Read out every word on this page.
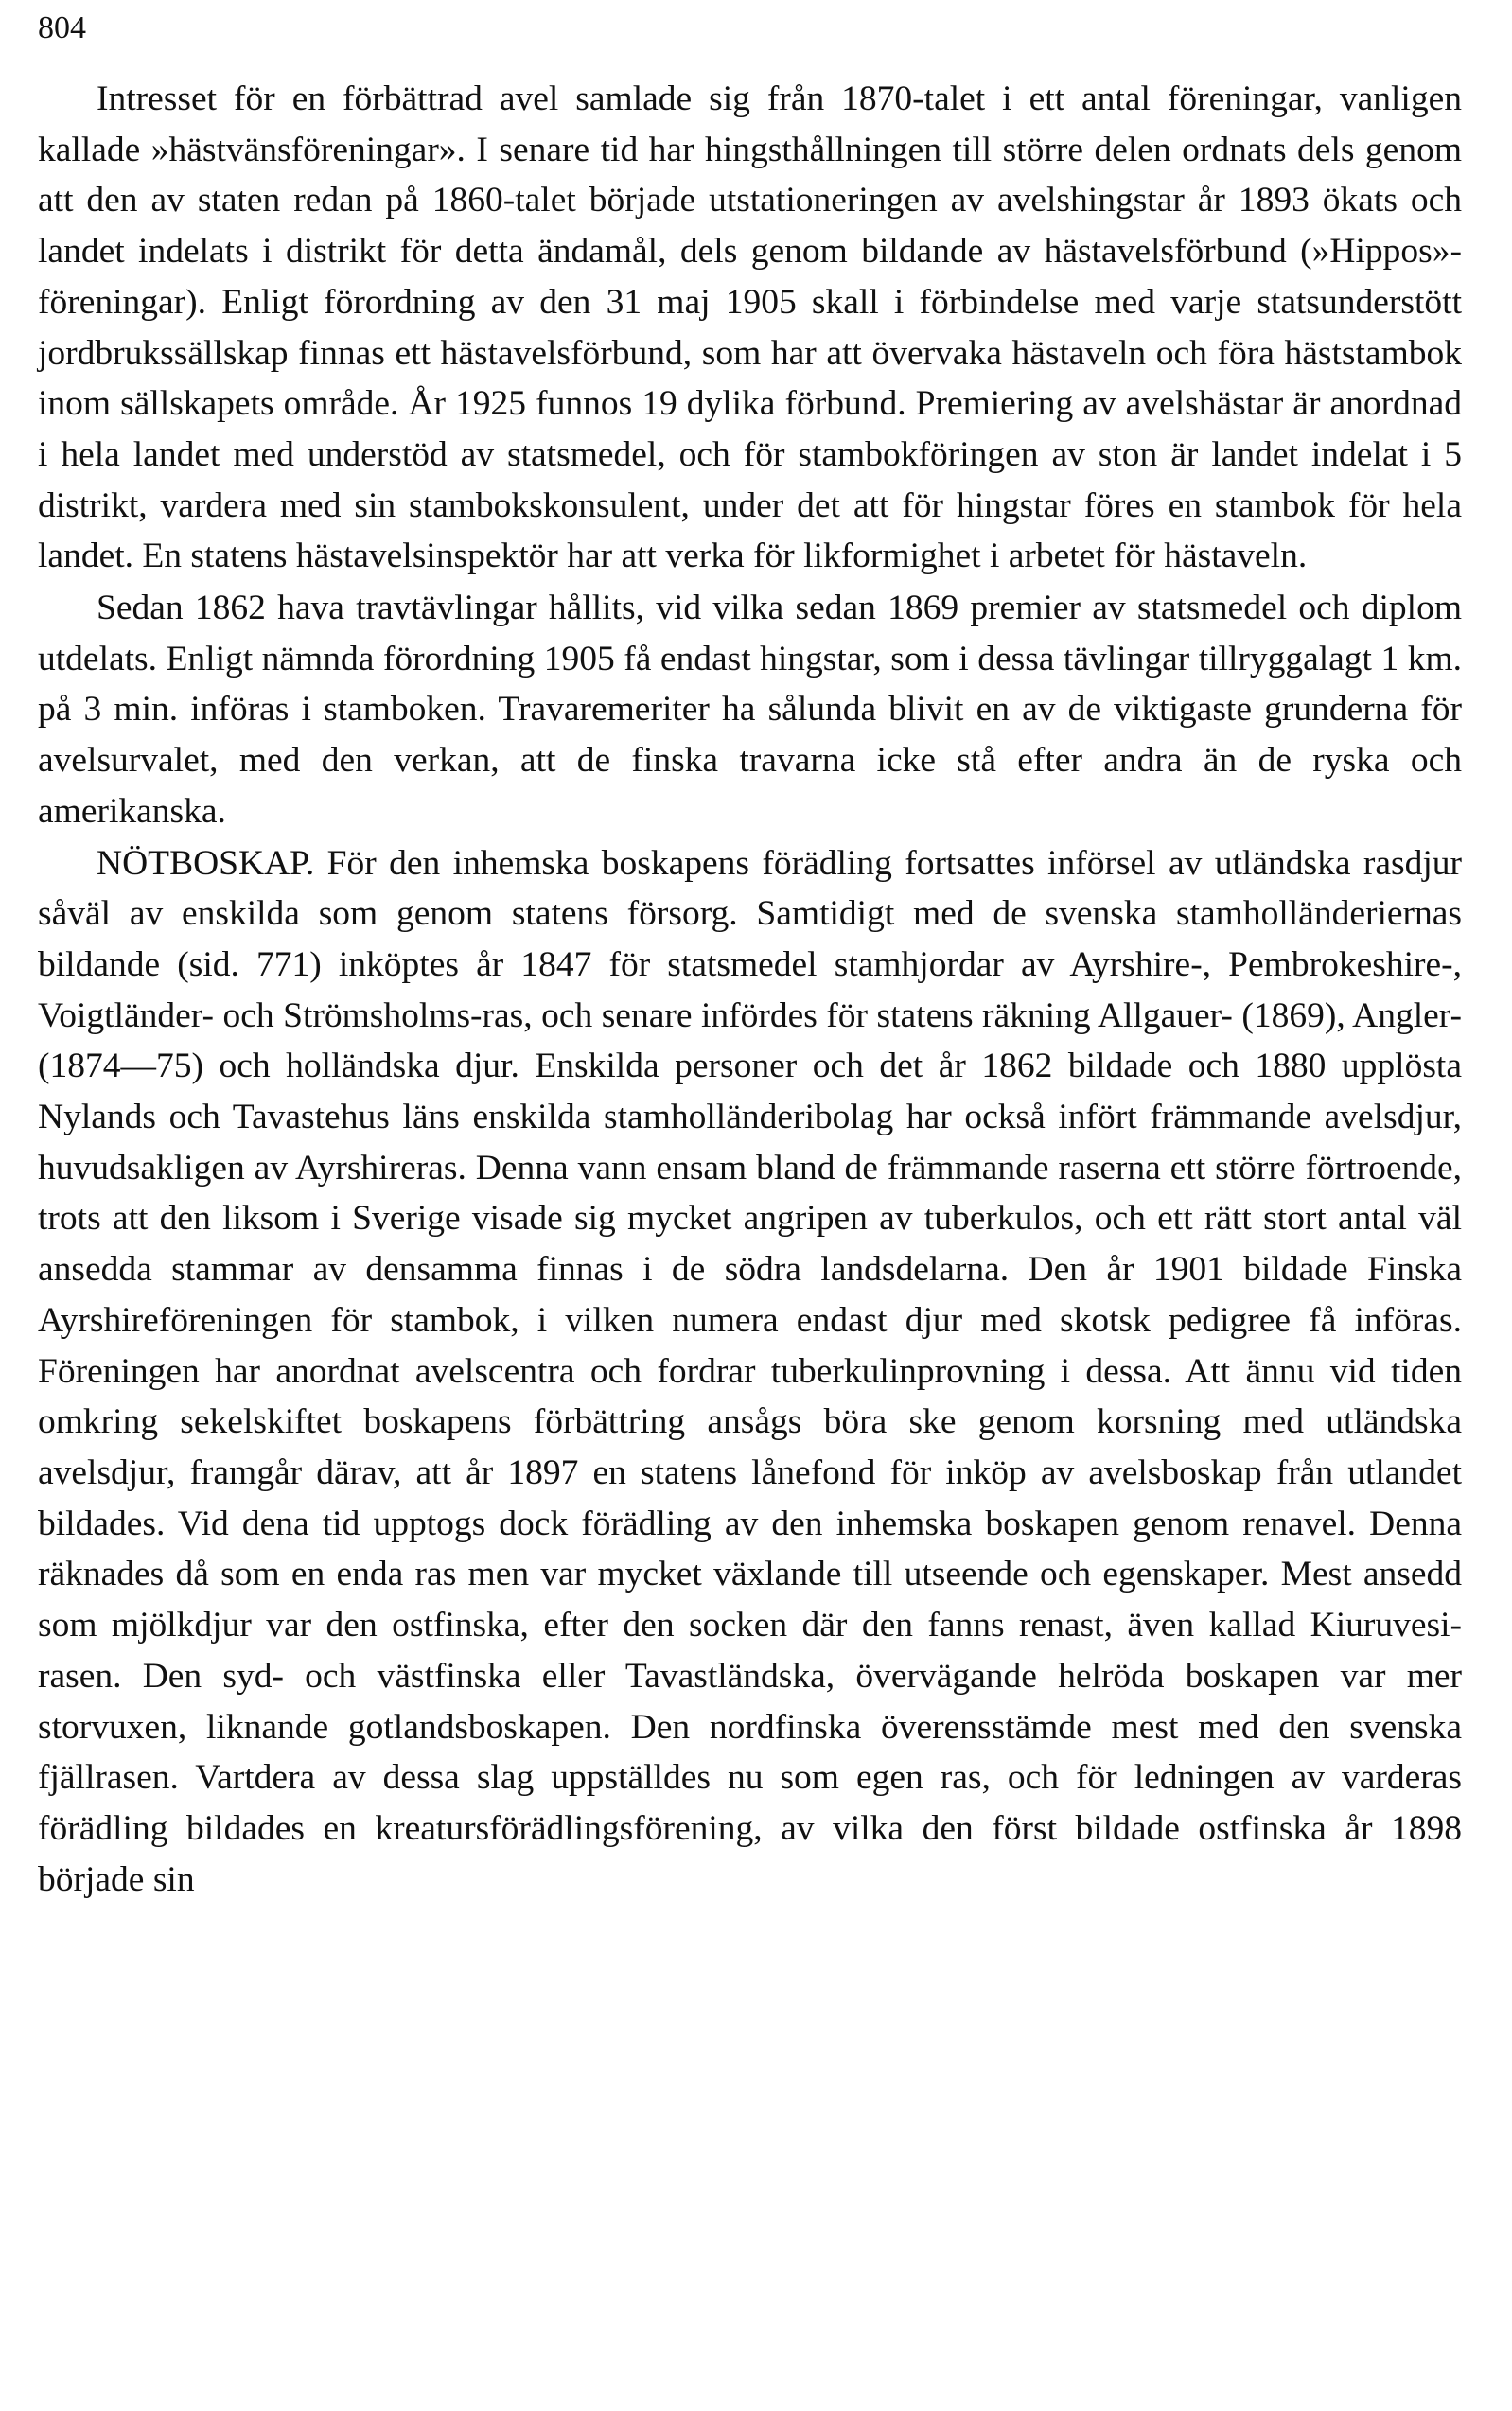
804

Intresset för en förbättrad avel samlade sig från 1870-talet i ett antal föreningar, vanligen kallade »hästvänsföreningar». I senare tid har hingsthållningen till större delen ordnats dels genom att den av staten redan på 1860-talet började utstationeringen av avelshingstar år 1893 ökats och landet indelats i distrikt för detta ändamål, dels genom bildande av hästavelsförbund (»Hippos»-föreningar). Enligt förordning av den 31 maj 1905 skall i förbindelse med varje statsunderstött jordbrukssällskap finnas ett hästavelsförbund, som har att övervaka hästaveln och föra häststambok inom sällskapets område. År 1925 funnos 19 dylika förbund. Premiering av avelshästar är anordnad i hela landet med understöd av statsmedel, och för stambokföringen av ston är landet indelat i 5 distrikt, vardera med sin stambokskonsulent, under det att för hingstar föres en stambok för hela landet. En statens hästavelsinspektör har att verka för likformighet i arbetet för hästaveln.

Sedan 1862 hava travtävlingar hållits, vid vilka sedan 1869 premier av statsmedel och diplom utdelats. Enligt nämnda förordning 1905 få endast hingstar, som i dessa tävlingar tillryggalagt 1 km. på 3 min. införas i stamboken. Travaremeriter ha sålunda blivit en av de viktigaste grunderna för avelsurvalet, med den verkan, att de finska travarna icke stå efter andra än de ryska och amerikanska.

NÖTBOSKAP. För den inhemska boskapens förädling fortsattes införsel av utländska rasdjur såväl av enskilda som genom statens försorg. Samtidigt med de svenska stamholländeriernas bildande (sid. 771) inköptes år 1847 för statsmedel stamhjordar av Ayrshire-, Pembrokeshire-, Voigtländer- och Strömsholms-ras, och senare infördes för statens räkning Allgauer- (1869), Angler- (1874—75) och holländska djur. Enskilda personer och det år 1862 bildade och 1880 upplösta Nylands och Tavastehus läns enskilda stamholländeribolag har också infört främmande avelsdjur, huvudsakligen av Ayrshireras. Denna vann ensam bland de främmande raserna ett större förtroende, trots att den liksom i Sverige visade sig mycket angripen av tuberkulos, och ett rätt stort antal väl ansedda stammar av densamma finnas i de södra landsdelarna. Den år 1901 bildade Finska Ayrshireföreningen för stambok, i vilken numera endast djur med skotsk pedigree få införas. Föreningen har anordnat avelscentra och fordrar tuberkulinprovning i dessa. Att ännu vid tiden omkring sekelskiftet boskapens förbättring ansågs böra ske genom korsning med utländska avelsdjur, framgår därav, att år 1897 en statens lånefond för inköp av avelsboskap från utlandet bildades. Vid dena tid upptogs dock förädling av den inhemska boskapen genom renavel. Denna räknades då som en enda ras men var mycket växlande till utseende och egenskaper. Mest ansedd som mjölkdjur var den ostfinska, efter den socken där den fanns renast, även kallad Kiuruvesi-rasen. Den syd- och västfinska eller Tavastländska, övervägande helröda boskapen var mer storvuxen, liknande gotlandsboskapen. Den nordfinska överensstämde mest med den svenska fjällrasen. Vartdera av dessa slag uppställdes nu som egen ras, och för ledningen av varderas förädling bildades en kreatursförädlingsförening, av vilka den först bildade ostfinska år 1898 började sin
